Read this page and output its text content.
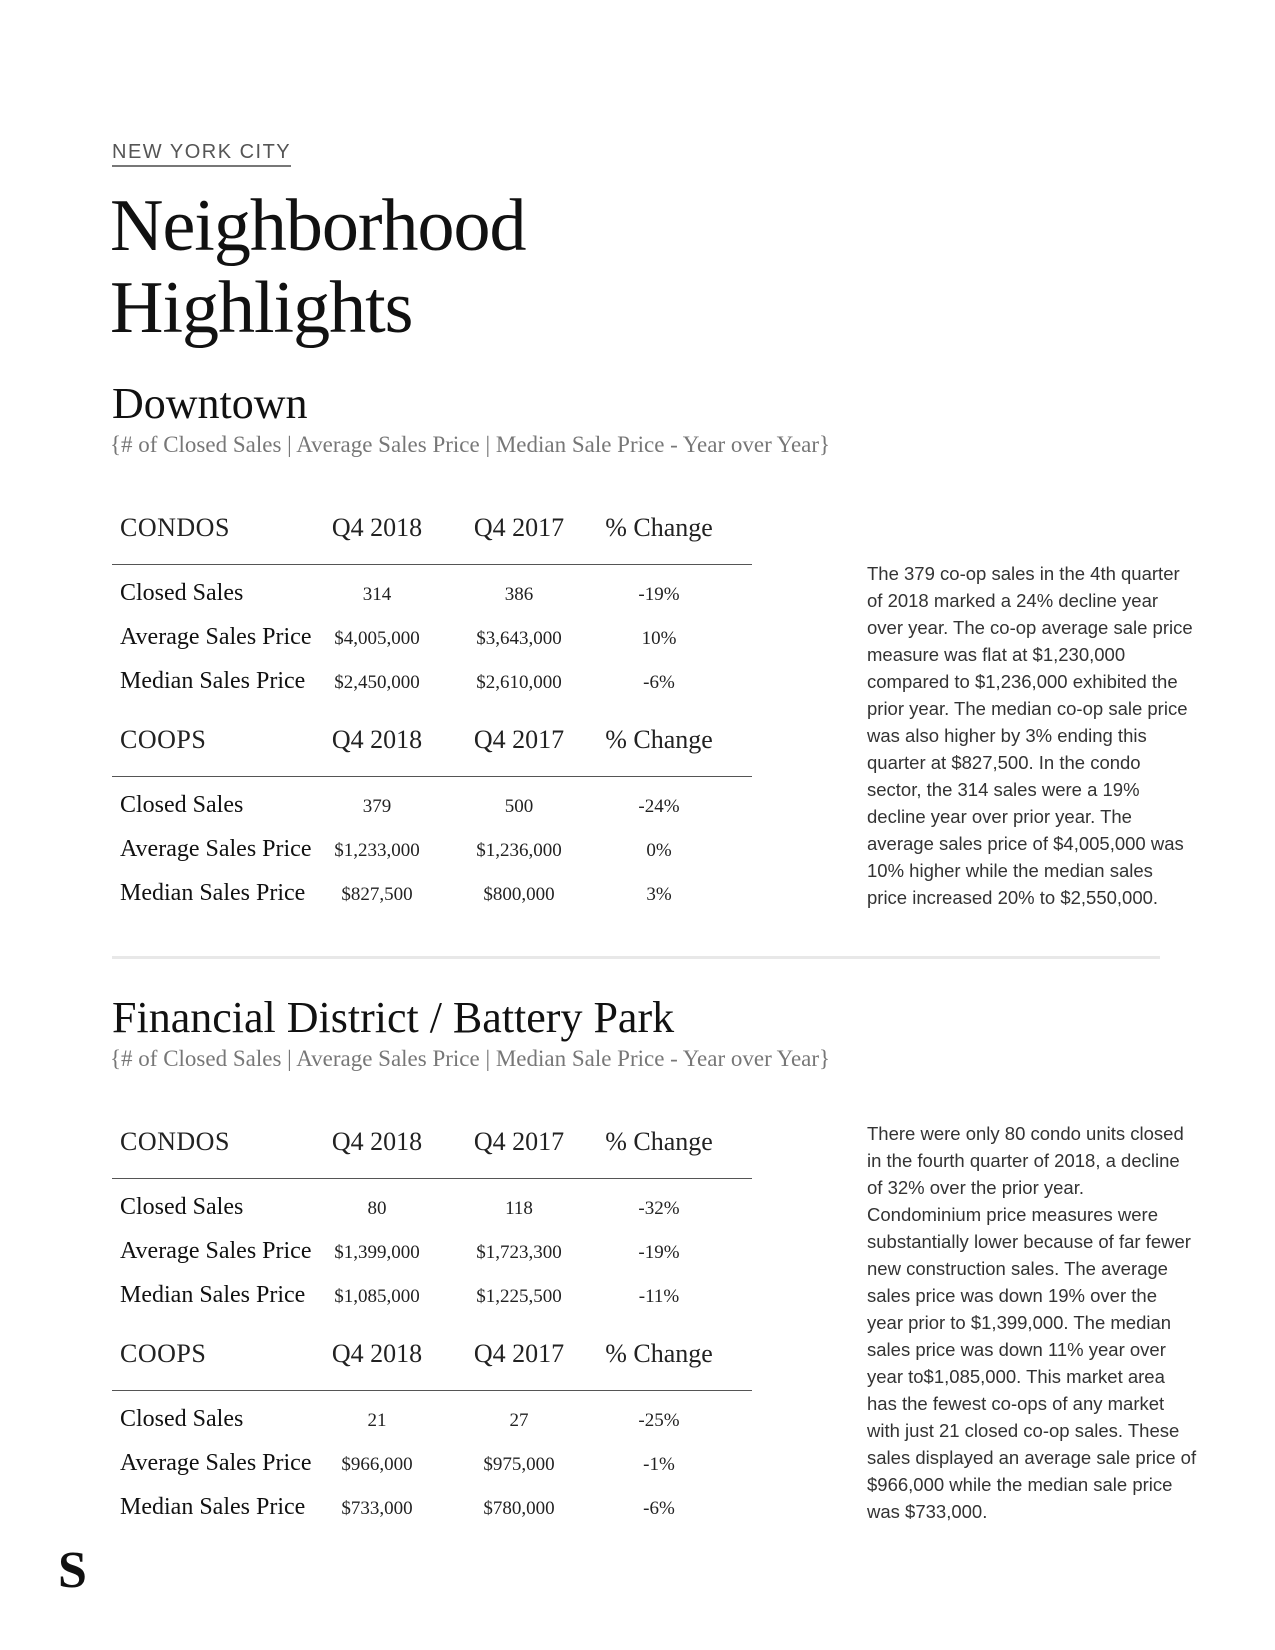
NEW YORK CITY
Neighborhood
Highlights
Downtown
{# of Closed Sales | Average Sales Price | Median Sale Price - Year over Year}
CONDOS	Q4 2018	Q4 2017	% Change
Closed Sales	314	386	-19%
Average Sales Price	$4,005,000	$3,643,000	10%
Median Sales Price	$2,450,000	$2,610,000	-6%
COOPS	Q4 2018	Q4 2017	% Change
Closed Sales	379	500	-24%
Average Sales Price	$1,233,000	$1,236,000	0%
Median Sales Price	$827,500	$800,000	3%

The 379 co-op sales in the 4th quarter of 2018 marked a 24% decline year over year. The co-op average sale price measure was flat at $1,230,000 compared to $1,236,000 exhibited the prior year. The median co-op sale price was also higher by 3% ending this quarter at $827,500. In the condo sector, the 314 sales were a 19% decline year over prior year. The average sales price of $4,005,000 was 10% higher while the median sales price increased 20% to $2,550,000.

Financial District / Battery Park
{# of Closed Sales | Average Sales Price | Median Sale Price - Year over Year}
CONDOS	Q4 2018	Q4 2017	% Change
Closed Sales	80	118	-32%
Average Sales Price	$1,399,000	$1,723,300	-19%
Median Sales Price	$1,085,000	$1,225,500	-11%
COOPS	Q4 2018	Q4 2017	% Change
Closed Sales	21	27	-25%
Average Sales Price	$966,000	$975,000	-1%
Median Sales Price	$733,000	$780,000	-6%

There were only 80 condo units closed in the fourth quarter of 2018, a decline of 32% over the prior year. Condominium price measures were substantially lower because of far fewer new construction sales. The average sales price was down 19% over the year prior to $1,399,000. The median sales price was down 11% year over year to$1,085,000. This market area has the fewest co-ops of any market with just 21 closed co-op sales. These sales displayed an average sale price of $966,000 while the median sale price was $733,000.

S
